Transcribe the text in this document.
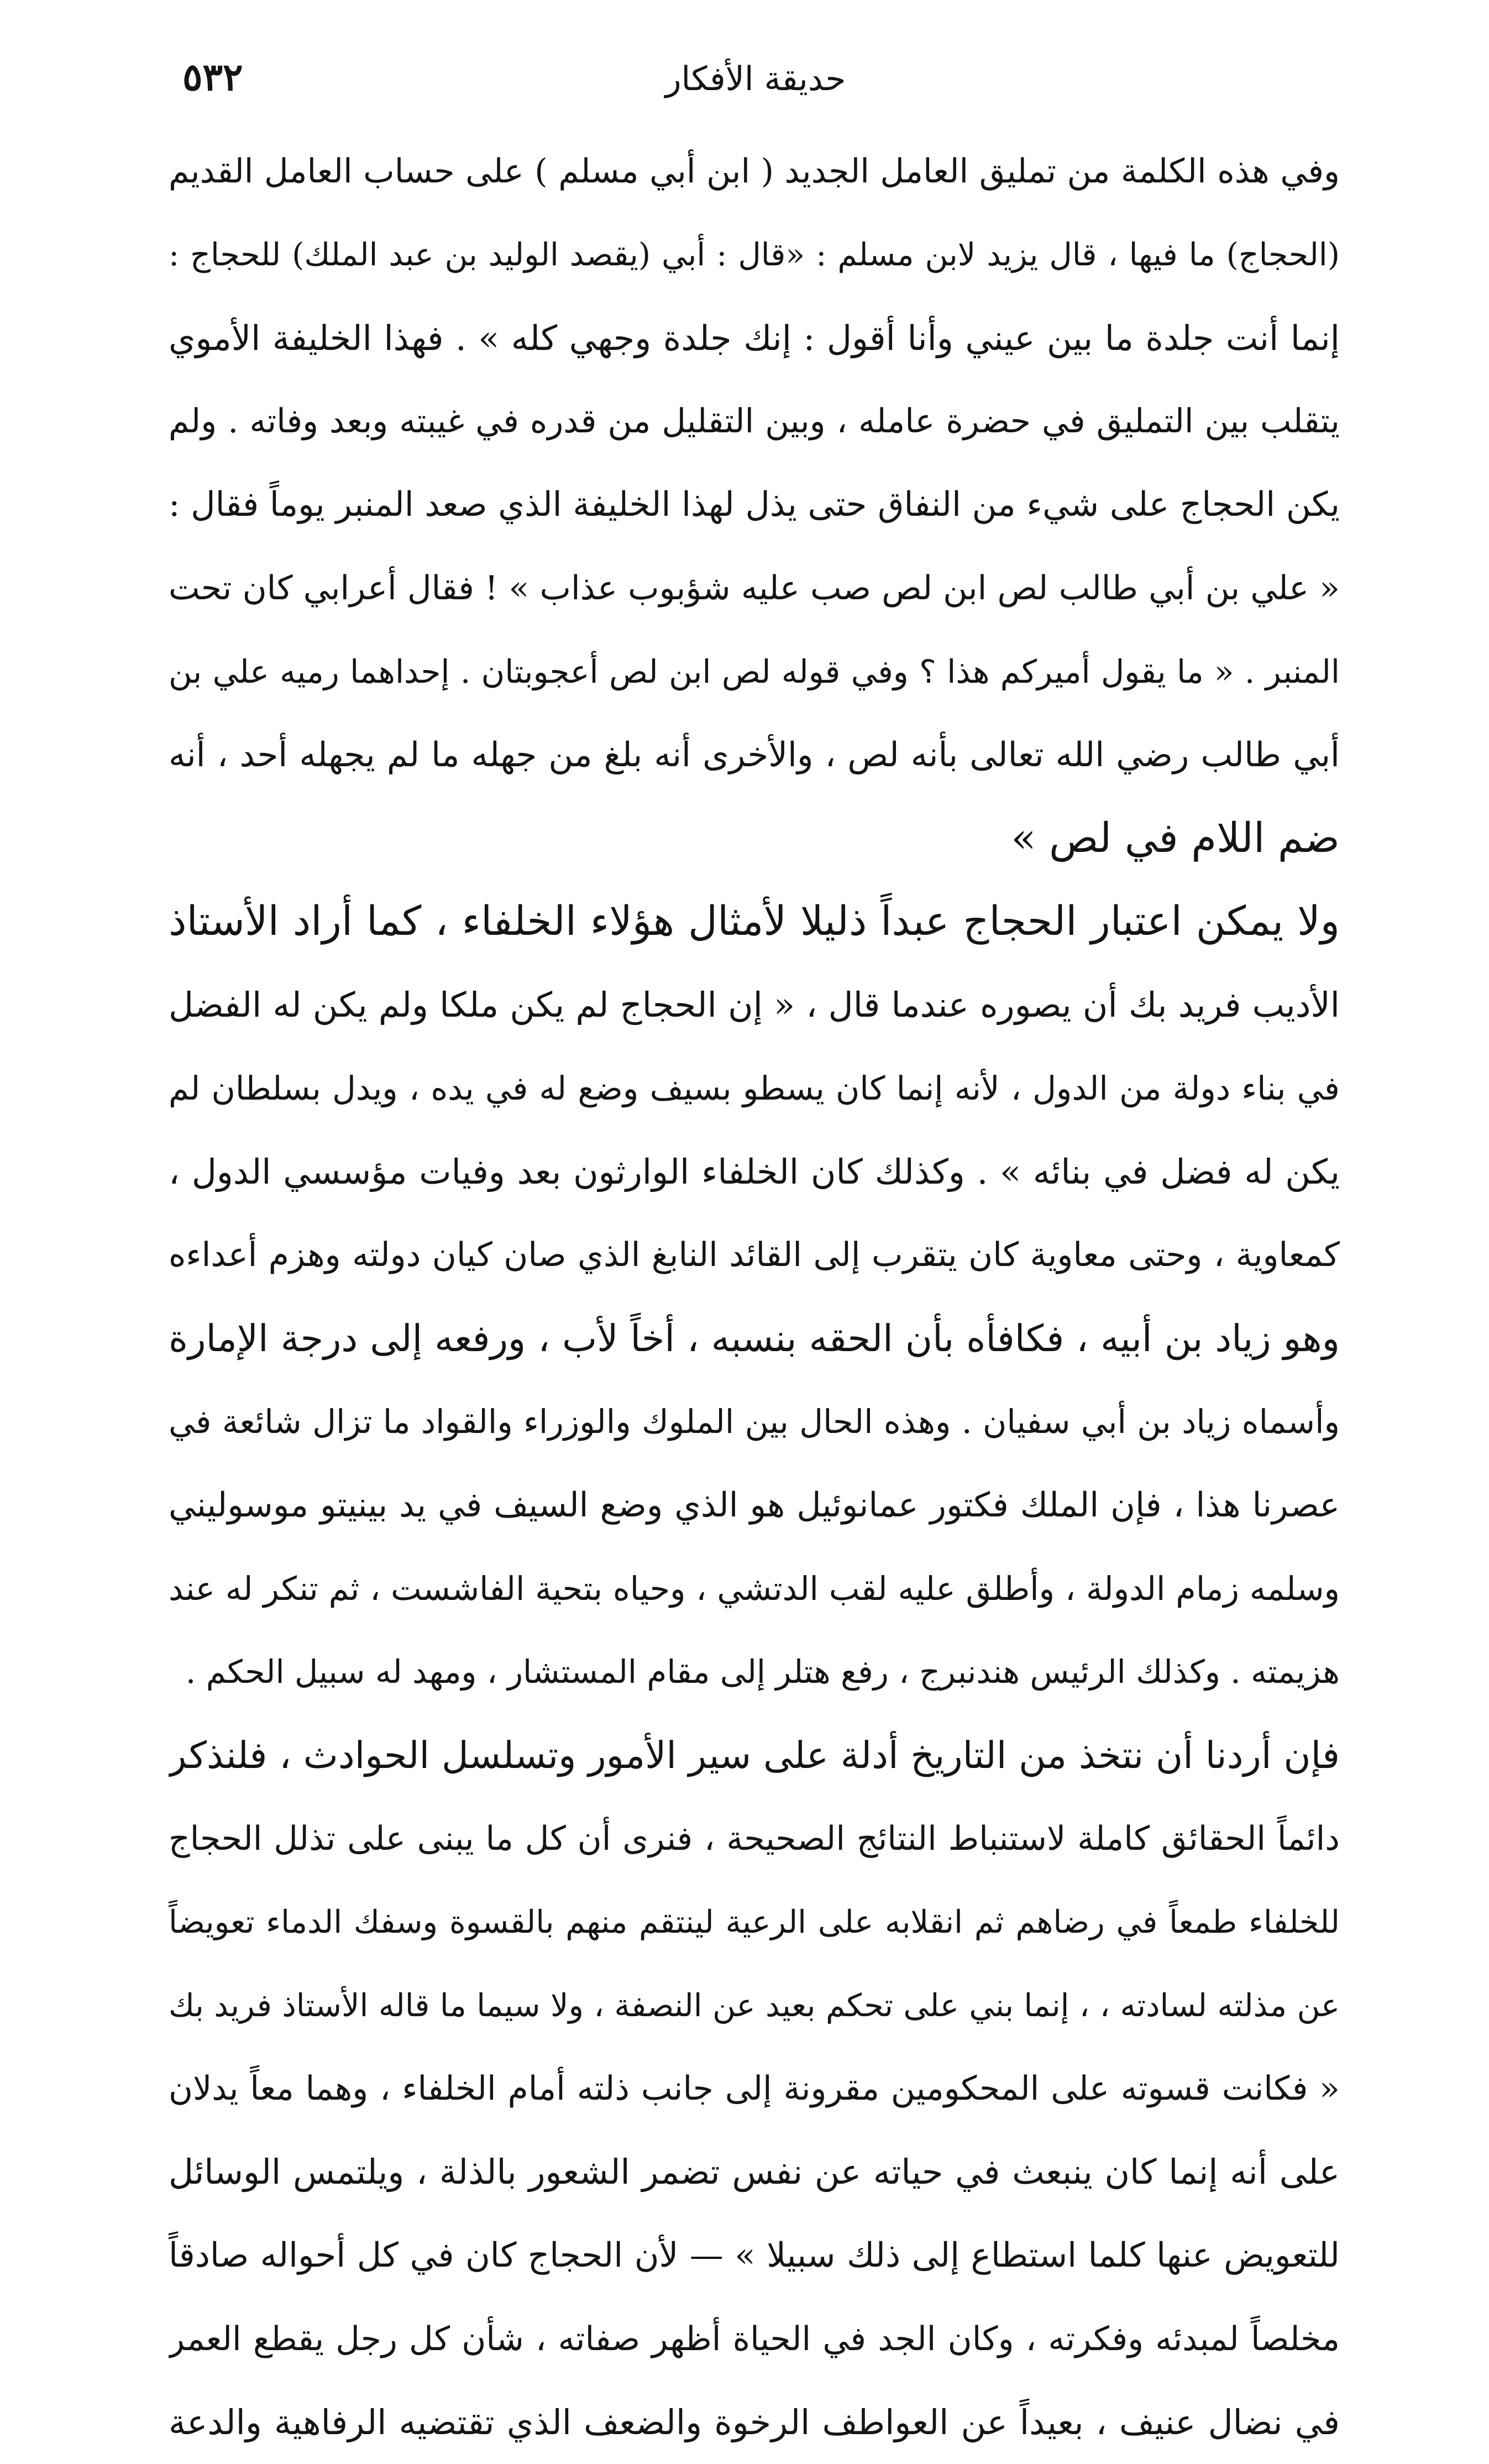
٥٣٢	حديقة الأفكار
وفي هذه الكلمة من تمليق العامل الجديد ( ابن أبي مسلم ) على حساب العامل القديم
(الحجاج) ما فيها ، قال يزيد لابن مسلم : «قال : أبي (يقصد الوليد بن عبد الملك) للحجاج :
إنما أنت جلدة ما بين عيني وأنا أقول : إنك جلدة وجهي كله » . فهذا الخليفة الأموي
يتقلب بين التمليق في حضرة عامله ، وبين التقليل من قدره في غيبته وبعد وفاته . ولم
يكن الحجاج على شيء من النفاق حتى يذل لهذا الخليفة الذي صعد المنبر يوماً فقال :
« علي بن أبي طالب لص ابن لص صب عليه شؤبوب عذاب » ! فقال أعرابي كان تحت
المنبر . « ما يقول أميركم هذا ؟ وفي قوله لص ابن لص أعجوبتان . إحداهما رميه علي بن
أبي طالب رضي الله تعالى بأنه لص ، والأخرى أنه بلغ من جهله ما لم يجهله أحد ، أنه
ضم اللام في لص »
ولا يمكن اعتبار الحجاج عبداً ذليلا لأمثال هؤلاء الخلفاء ، كما أراد الأستاذ
الأديب فريد بك أن يصوره عندما قال ، « إن الحجاج لم يكن ملكا ولم يكن له الفضل
في بناء دولة من الدول ، لأنه إنما كان يسطو بسيف وضع له في يده ، ويدل بسلطان لم
يكن له فضل في بنائه » . وكذلك كان الخلفاء الوارثون بعد وفيات مؤسسي الدول ،
كمعاوية ، وحتى معاوية كان يتقرب إلى القائد النابغ الذي صان كيان دولته وهزم أعداءه
وهو زياد بن أبيه ، فكافأه بأن الحقه بنسبه ، أخاً لأب ، ورفعه إلى درجة الإمارة
وأسماه زياد بن أبي سفيان . وهذه الحال بين الملوك والوزراء والقواد ما تزال شائعة في
عصرنا هذا ، فإن الملك فكتور عمانوئيل هو الذي وضع السيف في يد بينيتو موسوليني
وسلمه زمام الدولة ، وأطلق عليه لقب الدتشي ، وحياه بتحية الفاشست ، ثم تنكر له عند
هزيمته . وكذلك الرئيس هندنبرج ، رفع هتلر إلى مقام المستشار ، ومهد له سبيل الحكم .
فإن أردنا أن نتخذ من التاريخ أدلة على سير الأمور وتسلسل الحوادث ، فلنذكر
دائماً الحقائق كاملة لاستنباط النتائج الصحيحة ، فنرى أن كل ما يبنى على تذلل الحجاج
للخلفاء طمعاً في رضاهم ثم انقلابه على الرعية لينتقم منهم بالقسوة وسفك الدماء تعويضاً
عن مذلته لسادته ، ، إنما بني على تحكم بعيد عن النصفة ، ولا سيما ما قاله الأستاذ فريد بك
« فكانت قسوته على المحكومين مقرونة إلى جانب ذلته أمام الخلفاء ، وهما معاً يدلان
على أنه إنما كان ينبعث في حياته عن نفس تضمر الشعور بالذلة ، ويلتمس الوسائل
للتعويض عنها كلما استطاع إلى ذلك سبيلا » — لأن الحجاج كان في كل أحواله صادقاً
مخلصاً لمبدئه وفكرته ، وكان الجد في الحياة أظهر صفاته ، شأن كل رجل يقطع العمر
في نضال عنيف ، بعيداً عن العواطف الرخوة والضعف الذي تقتضيه الرفاهية والدعة
